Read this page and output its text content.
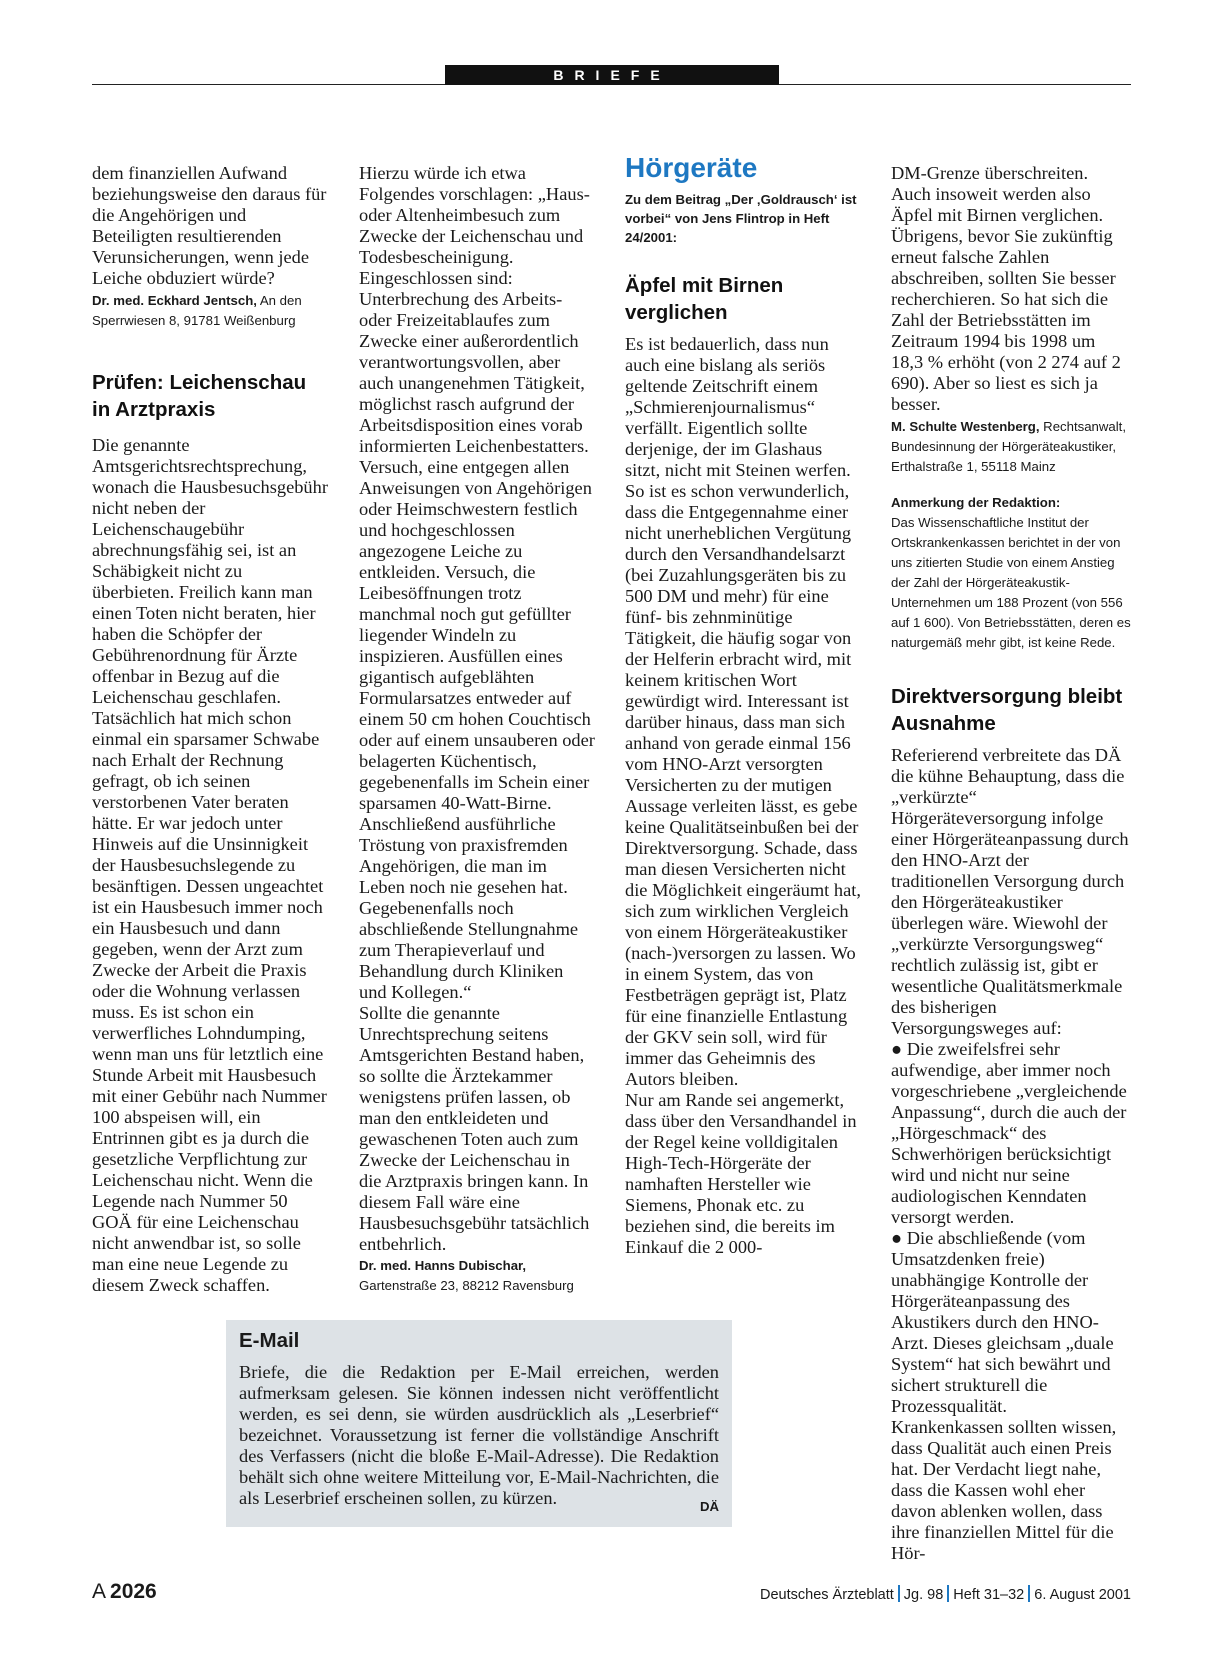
BRIEFE

dem finanziellen Aufwand beziehungsweise den daraus für die Angehörigen und Beteiligten resultierenden Verunsicherungen, wenn jede Leiche obduziert würde?

Dr. med. Eckhard Jentsch, An den Sperrwiesen 8, 91781 Weißenburg

Prüfen: Leichenschau in Arztpraxis

Die genannte Amtsgerichtsrechtsprechung, wonach die Hausbesuchsgebühr nicht neben der Leichenschaugebühr abrechnungsfähig sei, ist an Schäbigkeit nicht zu überbieten. Freilich kann man einen Toten nicht beraten, hier haben die Schöpfer der Gebührenordnung für Ärzte offenbar in Bezug auf die Leichenschau geschlafen. Tatsächlich hat mich schon einmal ein sparsamer Schwabe nach Erhalt der Rechnung gefragt, ob ich seinen verstorbenen Vater beraten hätte. Er war jedoch unter Hinweis auf die Unsinnigkeit der Hausbesuchslegende zu besänftigen. Dessen ungeachtet ist ein Hausbesuch immer noch ein Hausbesuch und dann gegeben, wenn der Arzt zum Zwecke der Arbeit die Praxis oder die Wohnung verlassen muss. Es ist schon ein verwerfliches Lohndumping, wenn man uns für letztlich eine Stunde Arbeit mit Hausbesuch mit einer Gebühr nach Nummer 100 abspeisen will, ein Entrinnen gibt es ja durch die gesetzliche Verpflichtung zur Leichenschau nicht. Wenn die Legende nach Nummer 50 GOÄ für eine Leichenschau nicht anwendbar ist, so solle man eine neue Legende zu diesem Zweck schaffen.

Hierzu würde ich etwa Folgendes vorschlagen: „Haus- oder Altenheimbesuch zum Zwecke der Leichenschau und Todesbescheinigung. Eingeschlossen sind: Unterbrechung des Arbeits- oder Freizeitablaufes zum Zwecke einer außerordentlich verantwortungsvollen, aber auch unangenehmen Tätigkeit, möglichst rasch aufgrund der Arbeitsdisposition eines vorab informierten Leichenbestatters. Versuch, eine entgegen allen Anweisungen von Angehörigen oder Heimschwestern festlich und hochgeschlossen angezogene Leiche zu entkleiden. Versuch, die Leibesöffnungen trotz manchmal noch gut gefüllter liegender Windeln zu inspizieren. Ausfüllen eines gigantisch aufgeblähten Formularsatzes entweder auf einem 50 cm hohen Couchtisch oder auf einem unsauberen oder belagerten Küchentisch, gegebenenfalls im Schein einer sparsamen 40-Watt-Birne. Anschließend ausführliche Tröstung von praxisfremden Angehörigen, die man im Leben noch nie gesehen hat. Gegebenenfalls noch abschließende Stellungnahme zum Therapieverlauf und Behandlung durch Kliniken und Kollegen.“

Sollte die genannte Unrechtsprechung seitens Amtsgerichten Bestand haben, so sollte die Ärztekammer wenigstens prüfen lassen, ob man den entkleideten und gewaschenen Toten auch zum Zwecke der Leichenschau in die Arztpraxis bringen kann. In diesem Fall wäre eine Hausbesuchsgebühr tatsächlich entbehrlich.

Dr. med. Hanns Dubischar,
Gartenstraße 23, 88212 Ravensburg

Hörgeräte

Zu dem Beitrag „Der ‚Goldrausch‘ ist vorbei“ von Jens Flintrop in Heft 24/2001:

Äpfel mit Birnen verglichen

Es ist bedauerlich, dass nun auch eine bislang als seriös geltende Zeitschrift einem „Schmierenjournalismus“ verfällt. Eigentlich sollte derjenige, der im Glashaus sitzt, nicht mit Steinen werfen. So ist es schon verwunderlich, dass die Entgegennahme einer nicht unerheblichen Vergütung durch den Versandhandelsarzt (bei Zuzahlungsgeräten bis zu 500 DM und mehr) für eine fünf- bis zehnminütige Tätigkeit, die häufig sogar von der Helferin erbracht wird, mit keinem kritischen Wort gewürdigt wird. Interessant ist darüber hinaus, dass man sich anhand von gerade einmal 156 vom HNO-Arzt versorgten Versicherten zu der mutigen Aussage verleiten lässt, es gebe keine Qualitätseinbußen bei der Direktversorgung. Schade, dass man diesen Versicherten nicht die Möglichkeit eingeräumt hat, sich zum wirklichen Vergleich von einem Hörgeräteakustiker (nach-)versorgen zu lassen. Wo in einem System, das von Festbeträgen geprägt ist, Platz für eine finanzielle Entlastung der GKV sein soll, wird für immer das Geheimnis des Autors bleiben.

Nur am Rande sei angemerkt, dass über den Versandhandel in der Regel keine volldigitalen High-Tech-Hörgeräte der namhaften Hersteller wie Siemens, Phonak etc. zu beziehen sind, die bereits im Einkauf die 2 000-

DM-Grenze überschreiten. Auch insoweit werden also Äpfel mit Birnen verglichen. Übrigens, bevor Sie zukünftig erneut falsche Zahlen abschreiben, sollten Sie besser recherchieren. So hat sich die Zahl der Betriebsstätten im Zeitraum 1994 bis 1998 um 18,3 % erhöht (von 2 274 auf 2 690). Aber so liest es sich ja besser.

M. Schulte Westenberg, Rechtsanwalt, Bundesinnung der Hörgeräteakustiker, Erthalstraße 1, 55118 Mainz

Anmerkung der Redaktion:

Das Wissenschaftliche Institut der Ortskrankenkassen berichtet in der von uns zitierten Studie von einem Anstieg der Zahl der Hörgeräteakustik-Unternehmen um 188 Prozent (von 556 auf 1 600). Von Betriebsstätten, deren es naturgemäß mehr gibt, ist keine Rede.

Direktversorgung bleibt Ausnahme

Referierend verbreitete das DÄ die kühne Behauptung, dass die „verkürzte“ Hörgeräteversorgung infolge einer Hörgeräteanpassung durch den HNO-Arzt der traditionellen Versorgung durch den Hörgeräteakustiker überlegen wäre. Wiewohl der „verkürzte Versorgungsweg“ rechtlich zulässig ist, gibt er wesentliche Qualitätsmerkmale des bisherigen Versorgungsweges auf:

● Die zweifelsfrei sehr aufwendige, aber immer noch vorgeschriebene „vergleichende Anpassung“, durch die auch der „Hörgeschmack“ des Schwerhörigen berücksichtigt wird und nicht nur seine audiologischen Kenndaten versorgt werden.

● Die abschließende (vom Umsatzdenken freie) unabhängige Kontrolle der Hörgeräteanpassung des Akustikers durch den HNO-Arzt. Dieses gleichsam „duale System“ hat sich bewährt und sichert strukturell die Prozessqualität.

Krankenkassen sollten wissen, dass Qualität auch einen Preis hat. Der Verdacht liegt nahe, dass die Kassen wohl eher davon ablenken wollen, dass ihre finanziellen Mittel für die Hör-

E-Mail

Briefe, die die Redaktion per E-Mail erreichen, werden aufmerksam gelesen. Sie können indessen nicht veröffentlicht werden, es sei denn, sie würden ausdrücklich als „Leserbrief“ bezeichnet. Voraussetzung ist ferner die vollständige Anschrift des Verfassers (nicht die bloße E-Mail-Adresse). Die Redaktion behält sich ohne weitere Mitteilung vor, E-Mail-Nachrichten, die als Leserbrief erscheinen sollen, zu kürzen.	DÄ
A 2026	Deutsches Ärzteblatt Jg. 98 Heft 31–32 6. August 2001
